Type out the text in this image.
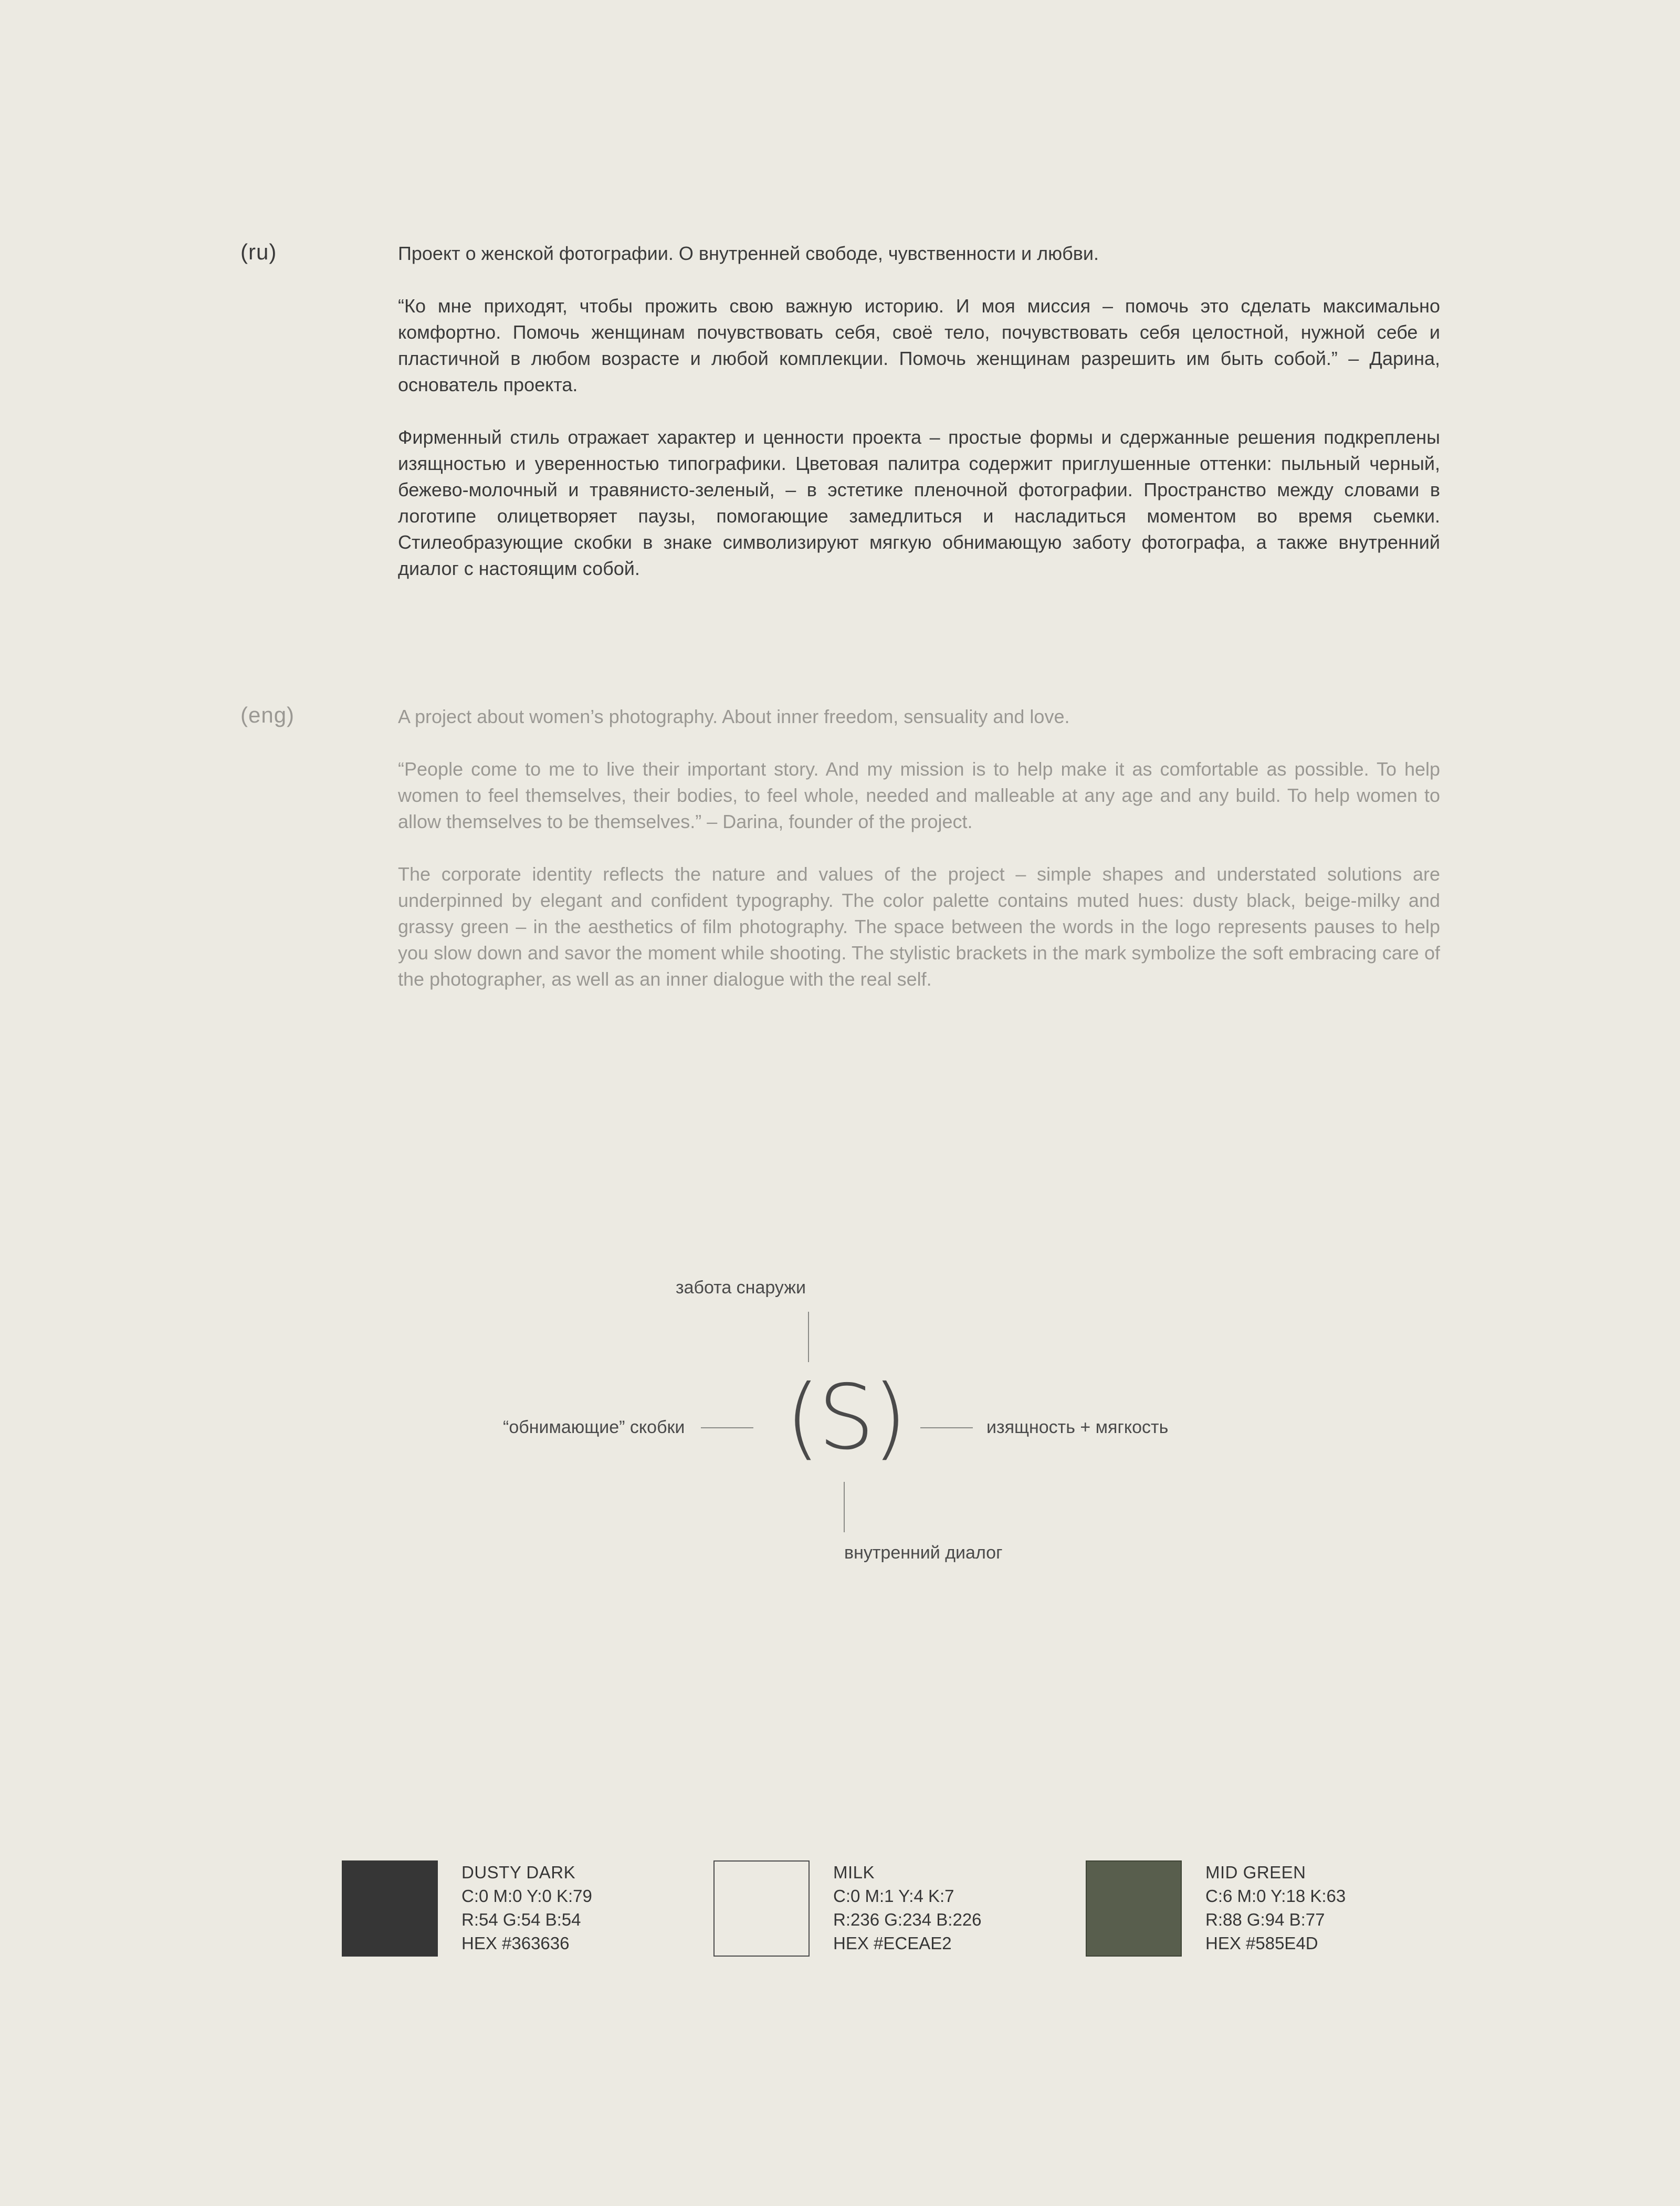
(ru)	Проект о женской фотографии. О внутренней свободе, чувственности и любви.

“Ко мне приходят, чтобы прожить свою важную историю. И моя миссия – помочь это сделать максимально комфортно. Помочь женщинам почувствовать себя, своё тело, почувствовать себя целостной, нужной себе и пластичной в любом возрасте и любой комплекции. Помочь женщинам разрешить им быть собой.” – Дарина, основатель проекта.

Фирменный стиль отражает характер и ценности проекта – простые формы и сдержанные решения подкреплены изящностью и уверенностью типографики. Цветовая палитра содержит приглушенные оттенки: пыльный черный, бежево-молочный и травянисто-зеленый, – в эстетике пленочной фотографии. Пространство между словами в логотипе олицетворяет паузы, помогающие замедлиться и насладиться моментом во время сьемки. Стилеобразующие скобки в знаке символизируют мягкую обнимающую заботу фотографа, а также внутренний диалог с настоящим собой.

(eng)	A project about women’s photography. About inner freedom, sensuality and love.

“People come to me to live their important story. And my mission is to help make it as comfortable as possible. To help women to feel themselves, their bodies, to feel whole, needed and malleable at any age and any build. To help women to allow themselves to be themselves.” – Darina, founder of the project.

The corporate identity reflects the nature and values of the project – simple shapes and understated solutions are underpinned by elegant and confident typography. The color palette contains muted hues: dusty black, beige-milky and grassy green – in the aesthetics of film photography. The space between the words in the logo represents pauses to help you slow down and savor the moment while shooting. The stylistic brackets in the mark symbolize the soft embracing care of the photographer, as well as an inner dialogue with the real self.

забота снаружи
“обнимающие” скобки (S)	изящность + мягкость
внутренний диалог
DUSTY DARK
C:0 M:0 Y:0 K:79
R:54 G:54 B:54
HEX #363636
MILK
C:0 M:1 Y:4 K:7
R:236 G:234 B:226
HEX #ECEAE2
MID GREEN
C:6 M:0 Y:18 K:63
R:88 G:94 B:77
HEX #585E4D
